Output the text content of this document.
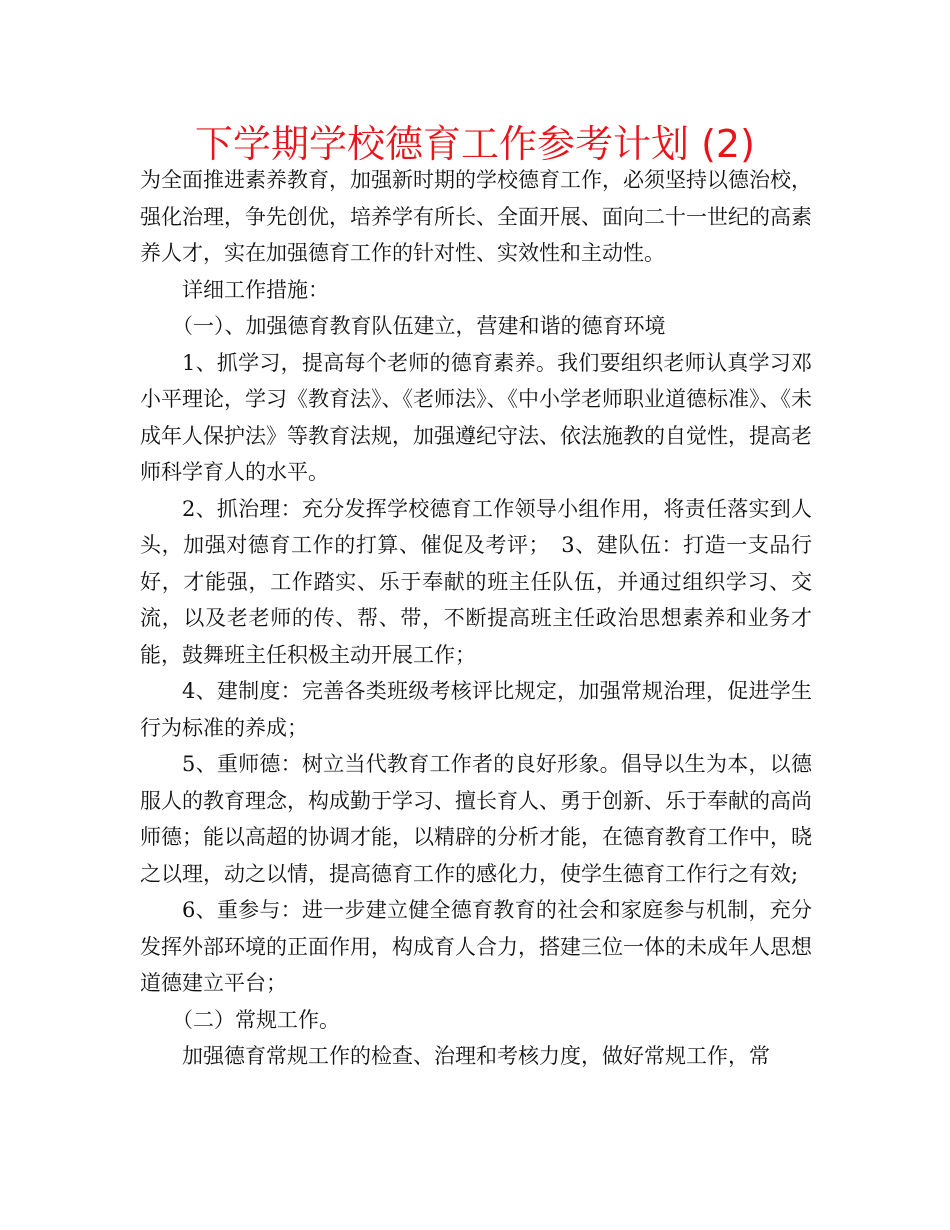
下学期学校德育工作参考计划 (2)

为全面推进素养教育，加强新时期的学校德育工作，必须坚持以德治校，强化治理，争先创优，培养学有所长、全面开展、面向二十一世纪的高素养人才，实在加强德育工作的针对性、实效性和主动性。

详细工作措施：

（一）、加强德育教育队伍建立，营建和谐的德育环境

1、抓学习，提高每个老师的德育素养。我们要组织老师认真学习邓小平理论，学习《教育法》、《老师法》、《中小学老师职业道德标准》、《未成年人保护法》等教育法规，加强遵纪守法、依法施教的自觉性，提高老师科学育人的水平。

2、抓治理：充分发挥学校德育工作领导小组作用，将责任落实到人头，加强对德育工作的打算、催促及考评；　3、建队伍：打造一支品行好，才能强，工作踏实、乐于奉献的班主任队伍，并通过组织学习、交流，以及老老师的传、帮、带，不断提高班主任政治思想素养和业务才能，鼓舞班主任积极主动开展工作；

4、建制度：完善各类班级考核评比规定，加强常规治理，促进学生行为标准的养成；

5、重师德：树立当代教育工作者的良好形象。倡导以生为本，以德服人的教育理念，构成勤于学习、擅长育人、勇于创新、乐于奉献的高尚师德；能以高超的协调才能，以精辟的分析才能，在德育教育工作中，晓之以理，动之以情，提高德育工作的感化力，使学生德育工作行之有效;

6、重参与：进一步建立健全德育教育的社会和家庭参与机制，充分发挥外部环境的正面作用，构成育人合力，搭建三位一体的未成年人思想道德建立平台；

（二）常规工作。

加强德育常规工作的检查、治理和考核力度，做好常规工作，常
